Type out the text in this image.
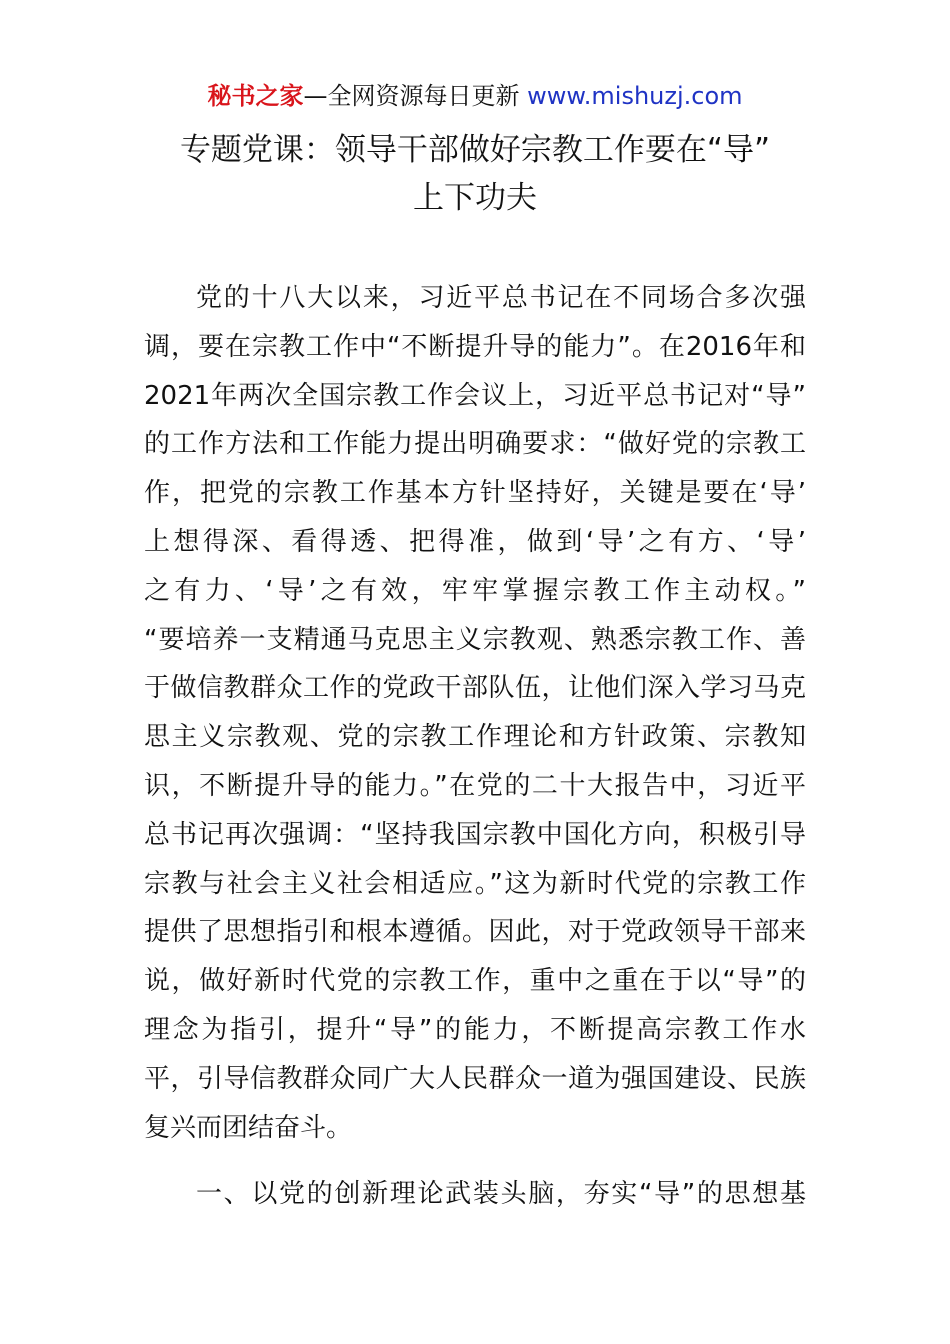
秘书之家—全网资源每日更新 www.mishuzj.com
专题党课：领导干部做好宗教工作要在“导”
上下功夫
党的十八大以来，习近平总书记在不同场合多次强
调，要在宗教工作中“不断提升导的能力”。在2016年和
2021年两次全国宗教工作会议上，习近平总书记对“导”
的工作方法和工作能力提出明确要求：“做好党的宗教工
作，把党的宗教工作基本方针坚持好，关键是要在‘导’
上想得深、看得透、把得准，做到‘导’之有方、‘导’
之有力、‘导’之有效，牢牢掌握宗教工作主动权。”
“要培养一支精通马克思主义宗教观、熟悉宗教工作、善
于做信教群众工作的党政干部队伍，让他们深入学习马克
思主义宗教观、党的宗教工作理论和方针政策、宗教知
识，不断提升导的能力。”在党的二十大报告中，习近平
总书记再次强调：“坚持我国宗教中国化方向，积极引导
宗教与社会主义社会相适应。”这为新时代党的宗教工作
提供了思想指引和根本遵循。因此，对于党政领导干部来
说，做好新时代党的宗教工作，重中之重在于以“导”的
理念为指引，提升“导”的能力，不断提高宗教工作水
平，引导信教群众同广大人民群众一道为强国建设、民族
复兴而团结奋斗。
一、以党的创新理论武装头脑，夯实“导”的思想基
